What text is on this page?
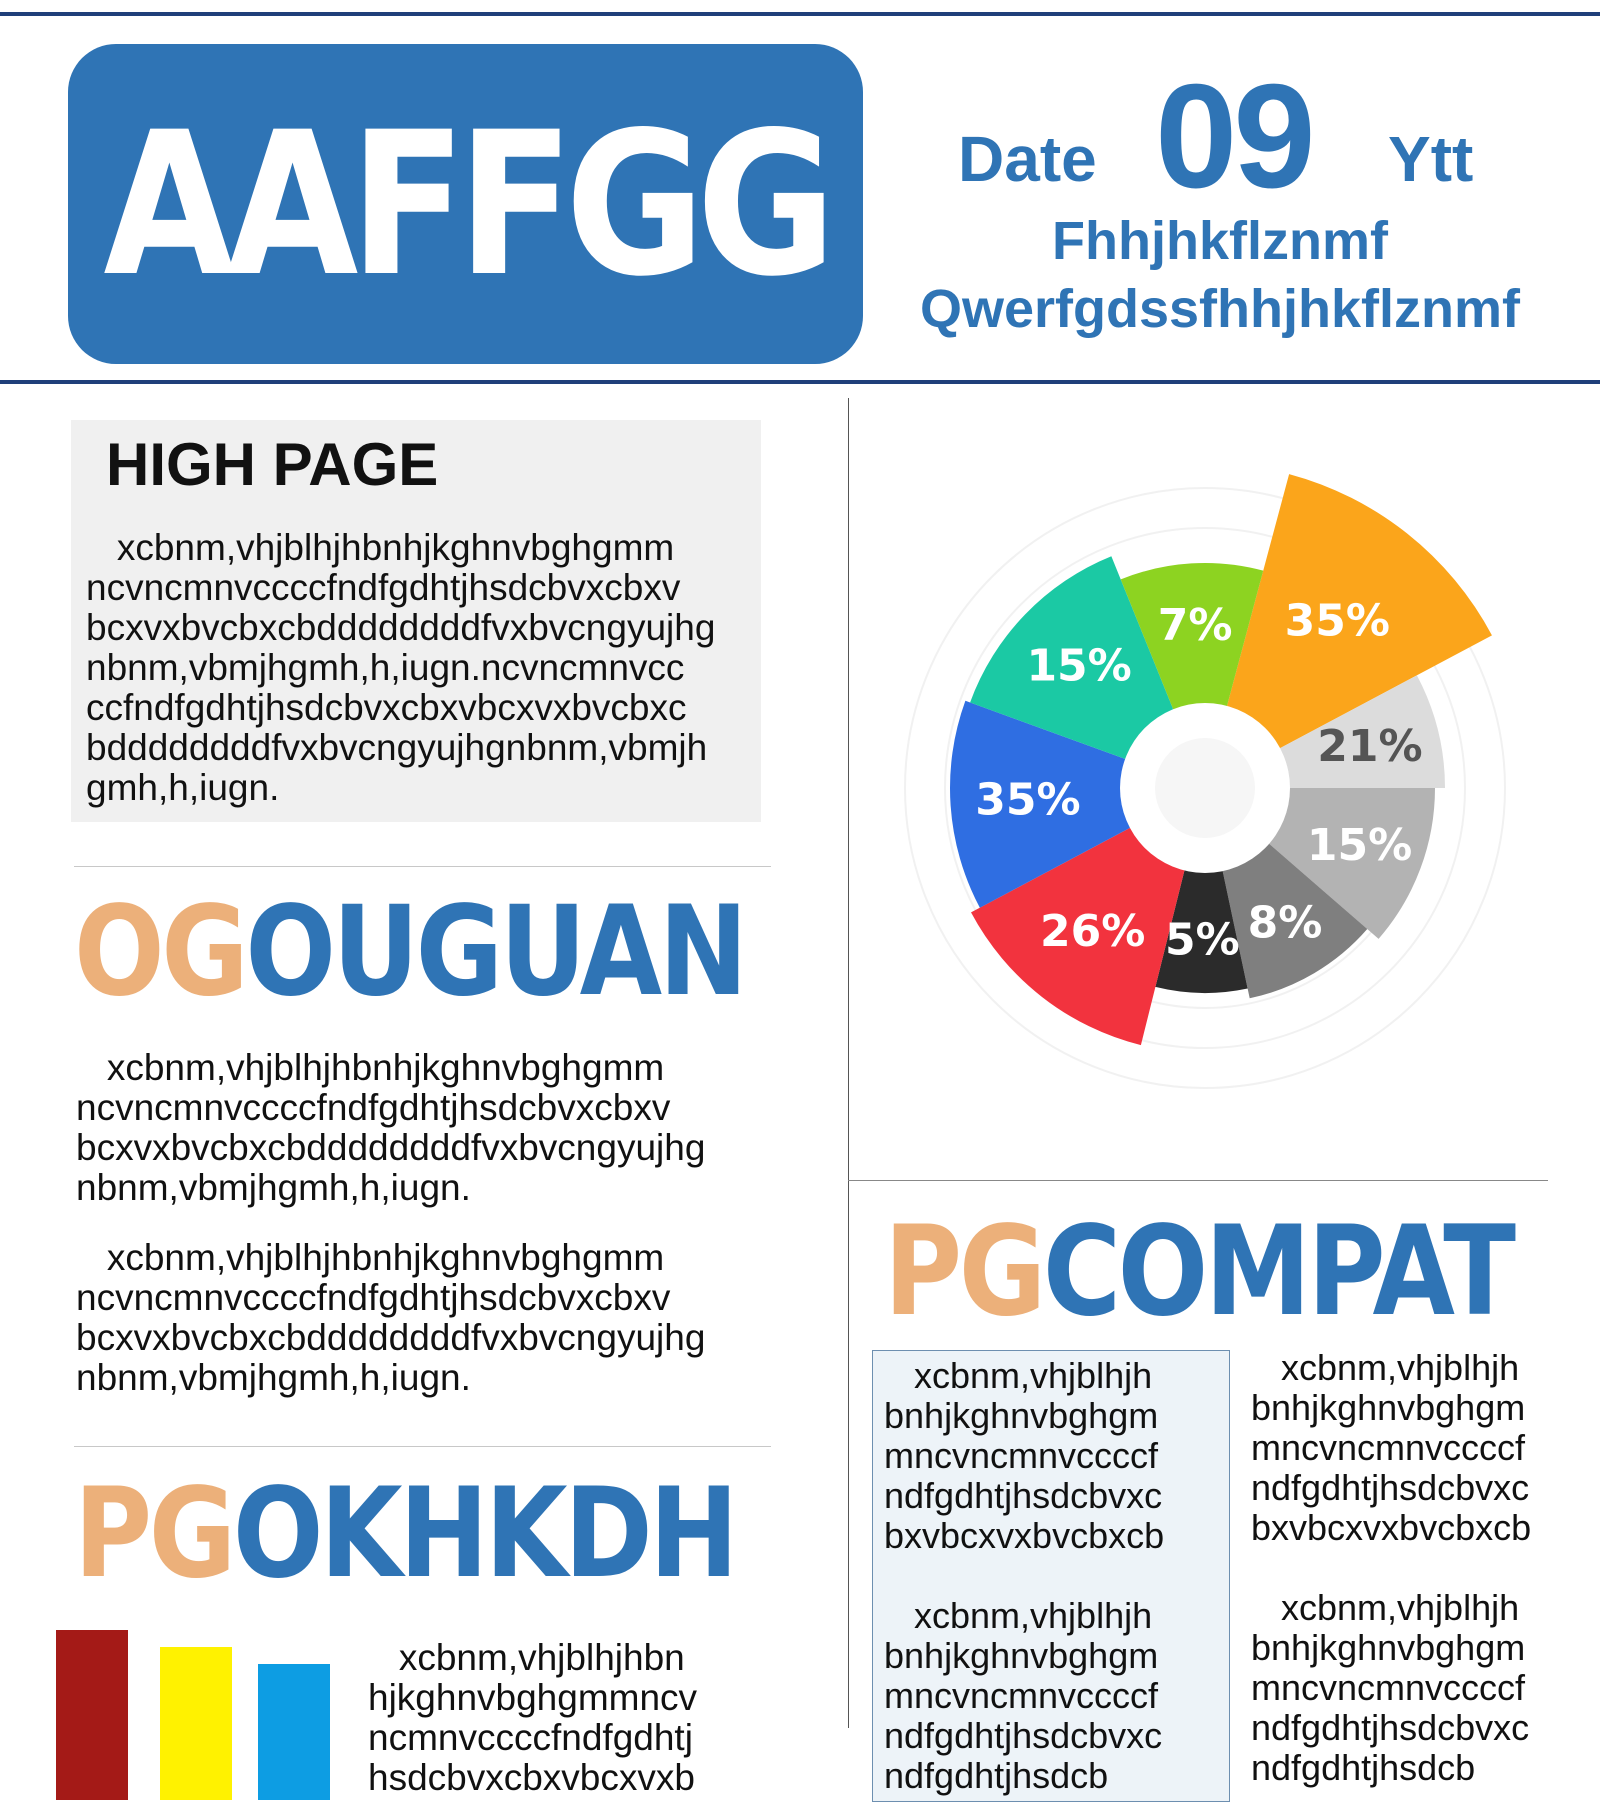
AAFFGG Date 09 Ytt
Fhhjhkflznmf
Qwerfgdssfhhjhkflznmf
HIGH PAGE
xcbnm,vhjblhjhbnhjkghnvbghgmm
ncvncmnvccccfndfgdhtjhsdcbvxcbxv
bcxvxbvcbxcbddddddddfvxbvcngyujhg
nbnm,vbmjhgmh,h,iugn.ncvncmnvcc
ccfndfgdhtjhsdcbvxcbxvbcxvxbvcbxc
bddddddddfvxbvcngyujhgnbnm,vbmjh
gmh,h,iugn.
OGOUGUAN
xcbnm,vhjblhjhbnhjkghnvbghgmm
ncvncmnvccccfndfgdhtjhsdcbvxcbxv
bcxvxbvcbxcbddddddddfvxbvcngyujhg
nbnm,vbmjhgmh,h,iugn.
xcbnm,vhjblhjhbnhjkghnvbghgmm
ncvncmnvccccfndfgdhtjhsdcbvxcbxv
bcxvxbvcbxcbddddddddfvxbvcngyujhg
nbnm,vbmjhgmh,h,iugn.
PGOKHKDH
xcbnm,vhjblhjhbn
hjkghnvbghgmmncv
ncmnvccccfndfgdhtj
hsdcbvxcbxvbcxvxb
35%
21%
15%
8%
5%
26%
35%
15%
7%
PGCOMPAT
xcbnm,vhjblhjh
bnhjkghnvbghgm
mncvncmnvccccf
ndfgdhtjhsdcbvxc
bxvbcxvxbvcbxcb
xcbnm,vhjblhjh
bnhjkghnvbghgm
mncvncmnvccccf
ndfgdhtjhsdcbvxc
ndfgdhtjhsdcb
xcbnm,vhjblhjh
bnhjkghnvbghgm
mncvncmnvccccf
ndfgdhtjhsdcbvxc
bxvbcxvxbvcbxcb
xcbnm,vhjblhjh
bnhjkghnvbghgm
mncvncmnvccccf
ndfgdhtjhsdcbvxc
ndfgdhtjhsdcb
